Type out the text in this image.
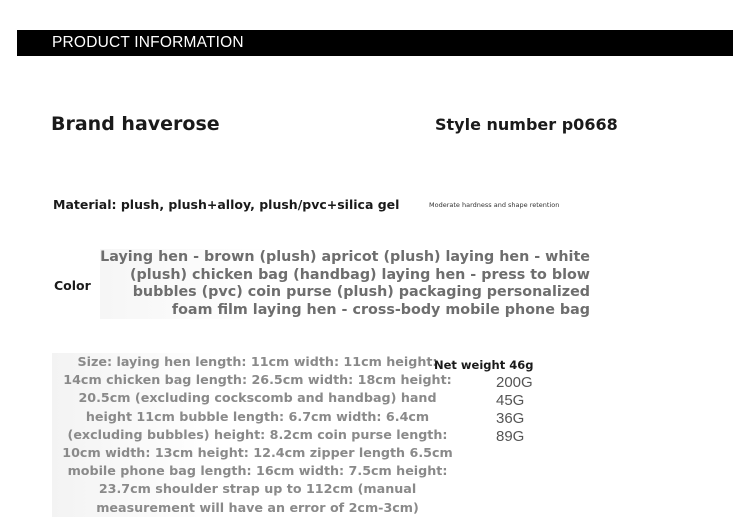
PRODUCT INFORMATION
Brand haverose	Style number p0668
Material: plush, plush+alloy, plush/pvc+silica gel	Moderate hardness and shape retention
Color
Laying hen - brown (plush) apricot (plush) laying hen - white
(plush) chicken bag (handbag) laying hen - press to blow
bubbles (pvc) coin purse (plush) packaging personalized
foam film laying hen - cross-body mobile phone bag
Size: laying hen length: 11cm width: 11cm height:
14cm chicken bag length: 26.5cm width: 18cm height:
20.5cm (excluding cockscomb and handbag) hand
height 11cm bubble length: 6.7cm width: 6.4cm
(excluding bubbles) height: 8.2cm coin purse length:
10cm width: 13cm height: 12.4cm zipper length 6.5cm
mobile phone bag length: 16cm width: 7.5cm height:
23.7cm shoulder strap up to 112cm (manual
measurement will have an error of 2cm-3cm)
Net weight 46g
200G
45G
36G
89G
